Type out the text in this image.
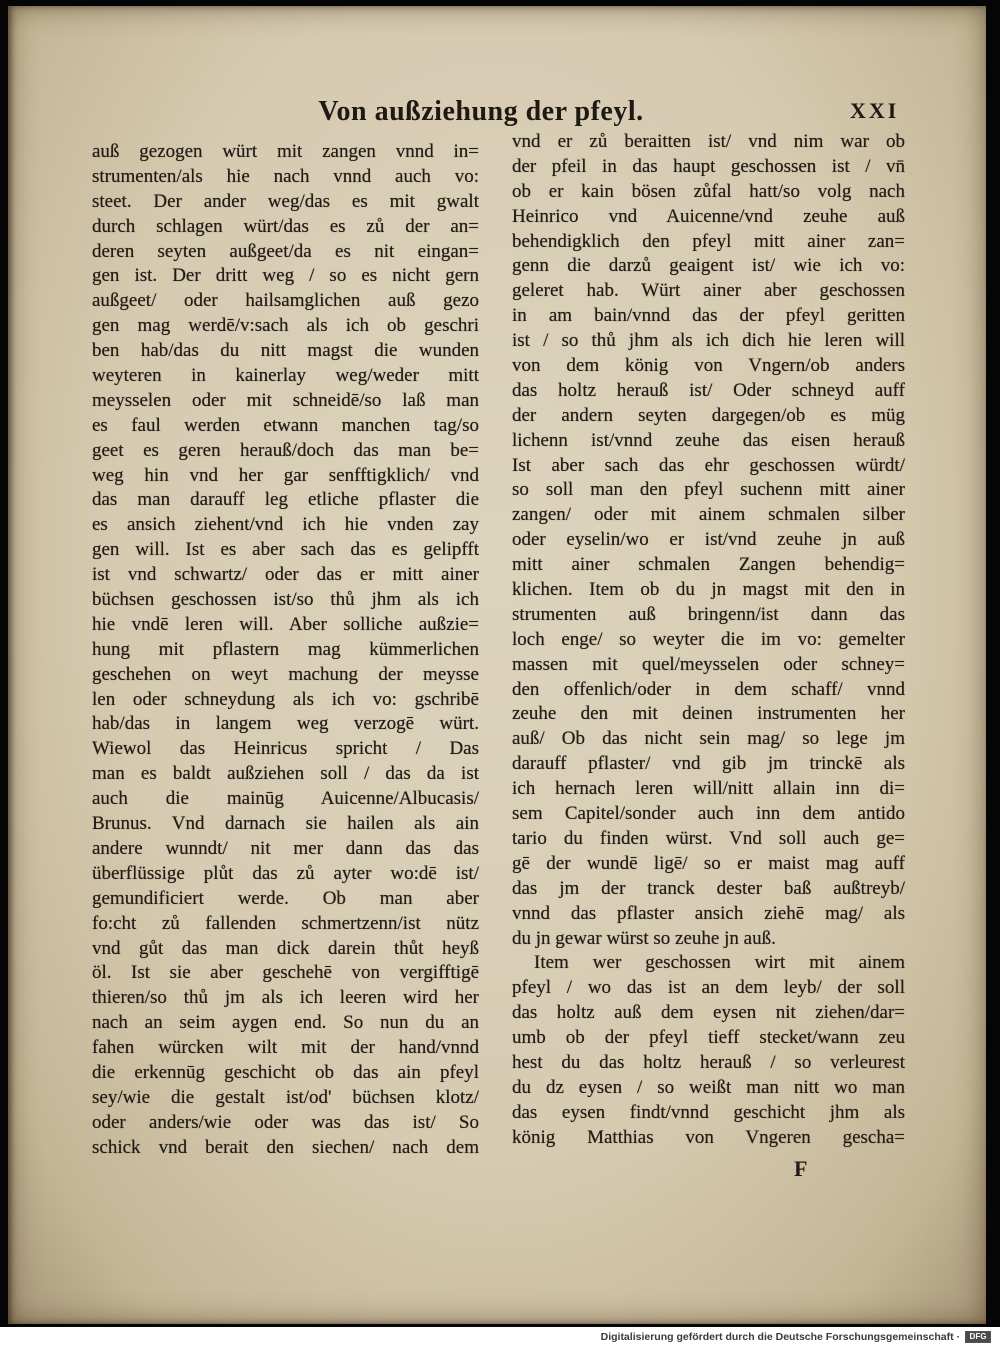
Von außziehung der pfeyl.	XXI
auß gezogen würt mit zangen vnnd in=
strumenten/als hie nach vnnd auch vo:
steet. Der ander weg/das es mit gwalt
durch schlagen würt/das es zů der an=
deren seyten außgeet/da es nit eingan=
gen ist. Der dritt weg / so es nicht gern
außgeet/ oder hailsamglichen auß gezo
gen mag werdē/v:sach als ich ob geschri
ben hab/das du nitt magst die wunden
weyteren in kainerlay weg/weder mitt
meysselen oder mit schneidē/so laß man
es faul werden etwann manchen tag/so
geet es geren herauß/doch das man be=
weg hin vnd her gar senfftigklich/ vnd
das man darauff leg etliche pflaster die
es ansich ziehent/vnd ich hie vnden zay
gen will. Ist es aber sach das es gelipfft
ist vnd schwartz/ oder das er mitt ainer
büchsen geschossen ist/so thů jhm als ich
hie vndē leren will. Aber solliche außzie=
hung mit pflastern mag kümmerlichen
geschehen on weyt machung der meysse
len oder schneydung als ich vo: gschribē
hab/das in langem weg verzogē würt.
Wiewol das Heinricus spricht / Das
man es baldt außziehen soll / das da ist
auch die mainūg Auicenne/Albucasis/
Brunus. Vnd darnach sie hailen als ain
andere wunndt/ nit mer dann das das
überflüssige plůt das zů ayter wo:dē ist/
gemundificiert werde. Ob man aber
fo:cht zů fallenden schmertzenn/ist nütz
vnd gůt das man dick darein thůt heyß
öl. Ist sie aber geschehē von vergifftigē
thieren/so thů jm als ich leeren wird her
nach an seim aygen end. So nun du an
fahen würcken wilt mit der hand/vnnd
die erkennūg geschicht ob das ain pfeyl
sey/wie die gestalt ist/od' büchsen klotz/
oder anders/wie oder was das ist/ So
schick vnd berait den siechen/ nach dem
vnd er zů beraitten ist/ vnd nim war ob
der pfeil in das haupt geschossen ist / vn̄
ob er kain bösen zůfal hatt/so volg nach
Heinrico vnd Auicenne/vnd zeuhe auß
behendigklich den pfeyl mitt ainer zan=
genn die darzů geaigent ist/ wie ich vo:
geleret hab. Würt ainer aber geschossen
in am bain/vnnd das der pfeyl geritten
ist / so thů jhm als ich dich hie leren will
von dem könig von Vngern/ob anders
das holtz herauß ist/ Oder schneyd auff
der andern seyten dargegen/ob es müg
lichenn ist/vnnd zeuhe das eisen herauß
Ist aber sach das ehr geschossen würdt/
so soll man den pfeyl suchenn mitt ainer
zangen/ oder mit ainem schmalen silber
oder eyselin/wo er ist/vnd zeuhe jn auß
mitt ainer schmalen Zangen behendig=
klichen. Item ob du jn magst mit den in
strumenten auß bringenn/ist dann das
loch enge/ so weyter die im vo: gemelter
massen mit quel/meysselen oder schney=
den offenlich/oder in dem schaff/ vnnd
zeuhe den mit deinen instrumenten her
auß/ Ob das nicht sein mag/ so lege jm
darauff pflaster/ vnd gib jm trinckē als
ich hernach leren will/nitt allain inn di=
sem Capitel/sonder auch inn dem antido
tario du finden würst. Vnd soll auch ge=
gē der wundē ligē/ so er maist mag auff
das jm der tranck dester baß außtreyb/
vnnd das pflaster ansich ziehē mag/ als
du jn gewar würst so zeuhe jn auß.
Item wer geschossen wirt mit ainem
pfeyl / wo das ist an dem leyb/ der soll
das holtz auß dem eysen nit ziehen/dar=
umb ob der pfeyl tieff stecket/wann zeu
hest du das holtz herauß / so verleurest
du dz eysen / so weißt man nitt wo man
das eysen findt/vnnd geschicht jhm als
könig Matthias von Vngeren gescha=
F
Digitalisierung gefördert durch die Deutsche Forschungsgemeinschaft ·	DFG
